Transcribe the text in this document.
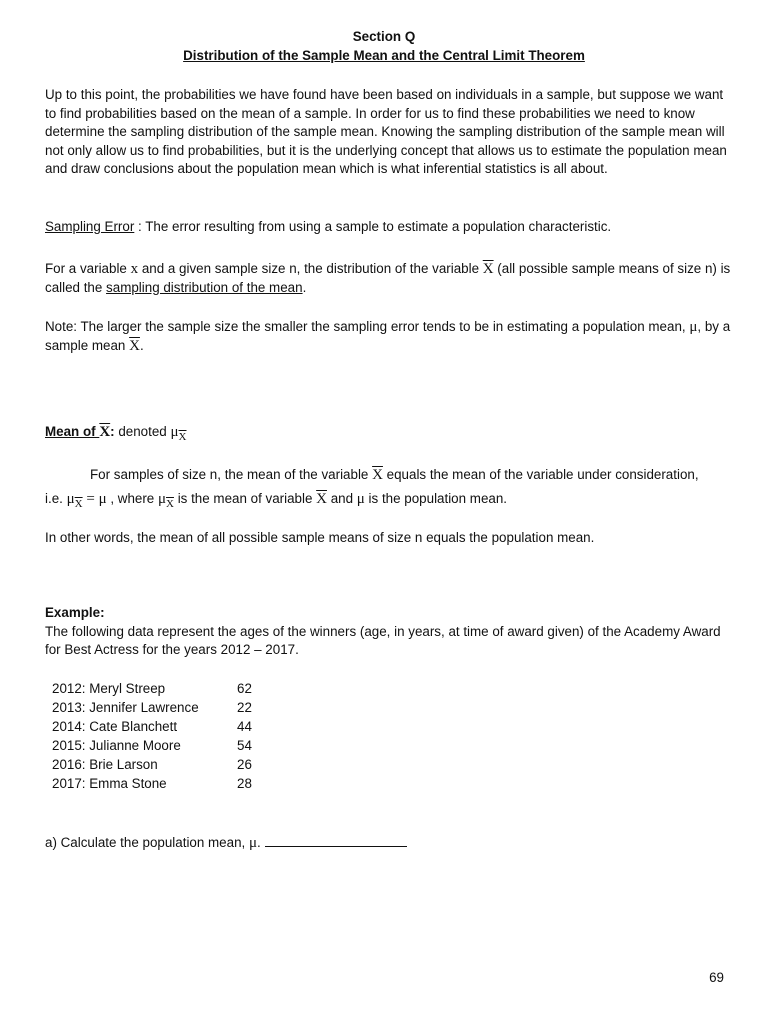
Section Q
Distribution of the Sample Mean and the Central Limit Theorem
Up to this point, the probabilities we have found have been based on individuals in a sample, but suppose we want to find probabilities based on the mean of a sample. In order for us to find these probabilities we need to know determine the sampling distribution of the sample mean. Knowing the sampling distribution of the sample mean will not only allow us to find probabilities, but it is the underlying concept that allows us to estimate the population mean and draw conclusions about the population mean which is what inferential statistics is all about.
Sampling Error : The error resulting from using a sample to estimate a population characteristic.
For a variable x and a given sample size n, the distribution of the variable $\overline{X}$ (all possible sample means of size n) is called the sampling distribution of the mean.
Note: The larger the sample size the smaller the sampling error tends to be in estimating a population mean, μ, by a sample mean $\overline{X}$.
Mean of $\overline{X}$: denoted $\mu_{\overline{X}}$
For samples of size n, the mean of the variable $\overline{X}$ equals the mean of the variable under consideration,
i.e. $\mu_{\overline{X}} = \mu$ , where $\mu_{\overline{X}}$ is the mean of variable $\overline{X}$ and μ is the population mean.
In other words, the mean of all possible sample means of size n equals the population mean.
Example:
The following data represent the ages of the winners (age, in years, at time of award given) of the Academy Award for Best Actress for the years 2012 – 2017.
2012: Meryl Streep	62
2013: Jennifer Lawrence	22
2014: Cate Blanchett	44
2015: Julianne Moore	54
2016: Brie Larson	26
2017: Emma Stone	28
a) Calculate the population mean, μ.
69
